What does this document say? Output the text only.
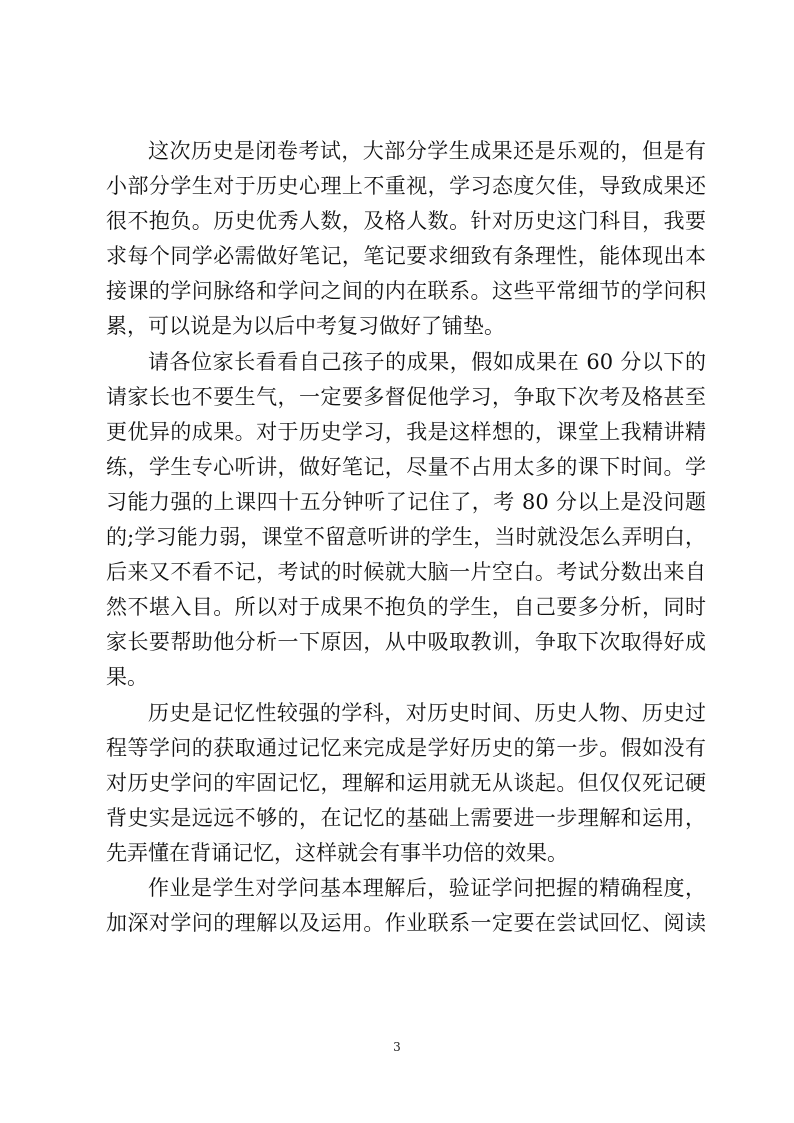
这次历史是闭卷考试，大部分学生成果还是乐观的，但是有
小部分学生对于历史心理上不重视，学习态度欠佳，导致成果还
很不抱负。历史优秀人数，及格人数。针对历史这门科目，我要
求每个同学必需做好笔记，笔记要求细致有条理性，能体现出本
接课的学问脉络和学问之间的内在联系。这些平常细节的学问积
累，可以说是为以后中考复习做好了铺垫。
请各位家长看看自己孩子的成果，假如成果在 60 分以下的
请家长也不要生气，一定要多督促他学习，争取下次考及格甚至
更优异的成果。对于历史学习，我是这样想的，课堂上我精讲精
练，学生专心听讲，做好笔记，尽量不占用太多的课下时间。学
习能力强的上课四十五分钟听了记住了，考 80 分以上是没问题
的;学习能力弱，课堂不留意听讲的学生，当时就没怎么弄明白，
后来又不看不记，考试的时候就大脑一片空白。考试分数出来自
然不堪入目。所以对于成果不抱负的学生，自己要多分析，同时
家长要帮助他分析一下原因，从中吸取教训，争取下次取得好成
果。
历史是记忆性较强的学科，对历史时间、历史人物、历史过
程等学问的获取通过记忆来完成是学好历史的第一步。假如没有
对历史学问的牢固记忆，理解和运用就无从谈起。但仅仅死记硬
背史实是远远不够的，在记忆的基础上需要进一步理解和运用，
先弄懂在背诵记忆，这样就会有事半功倍的效果。
作业是学生对学问基本理解后，验证学问把握的精确程度，
加深对学问的理解以及运用。作业联系一定要在尝试回忆、阅读
3
